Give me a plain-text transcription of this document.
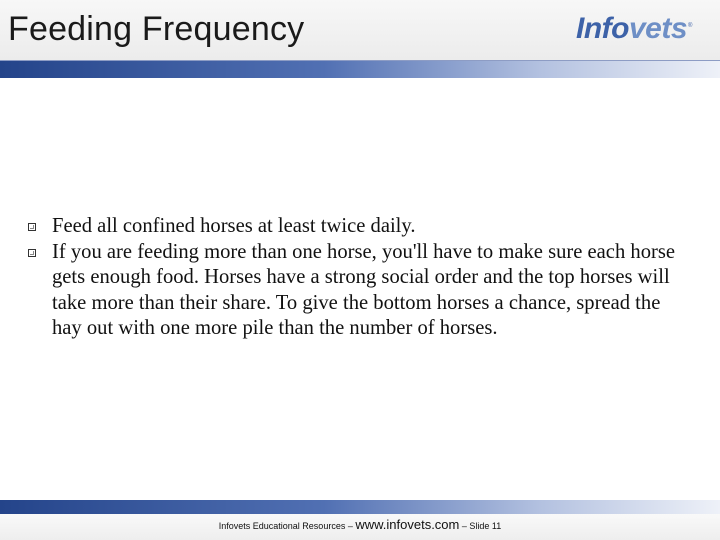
Feeding Frequency	Infovets®
Feed all confined horses at least twice daily.
If you are feeding more than one horse, you'll have to make sure each horse gets enough food. Horses have a strong social order and the top horses will take more than their share. To give the bottom horses a chance, spread the hay out with one more pile than the number of horses.
Infovets Educational Resources – www.infovets.com – Slide 11
